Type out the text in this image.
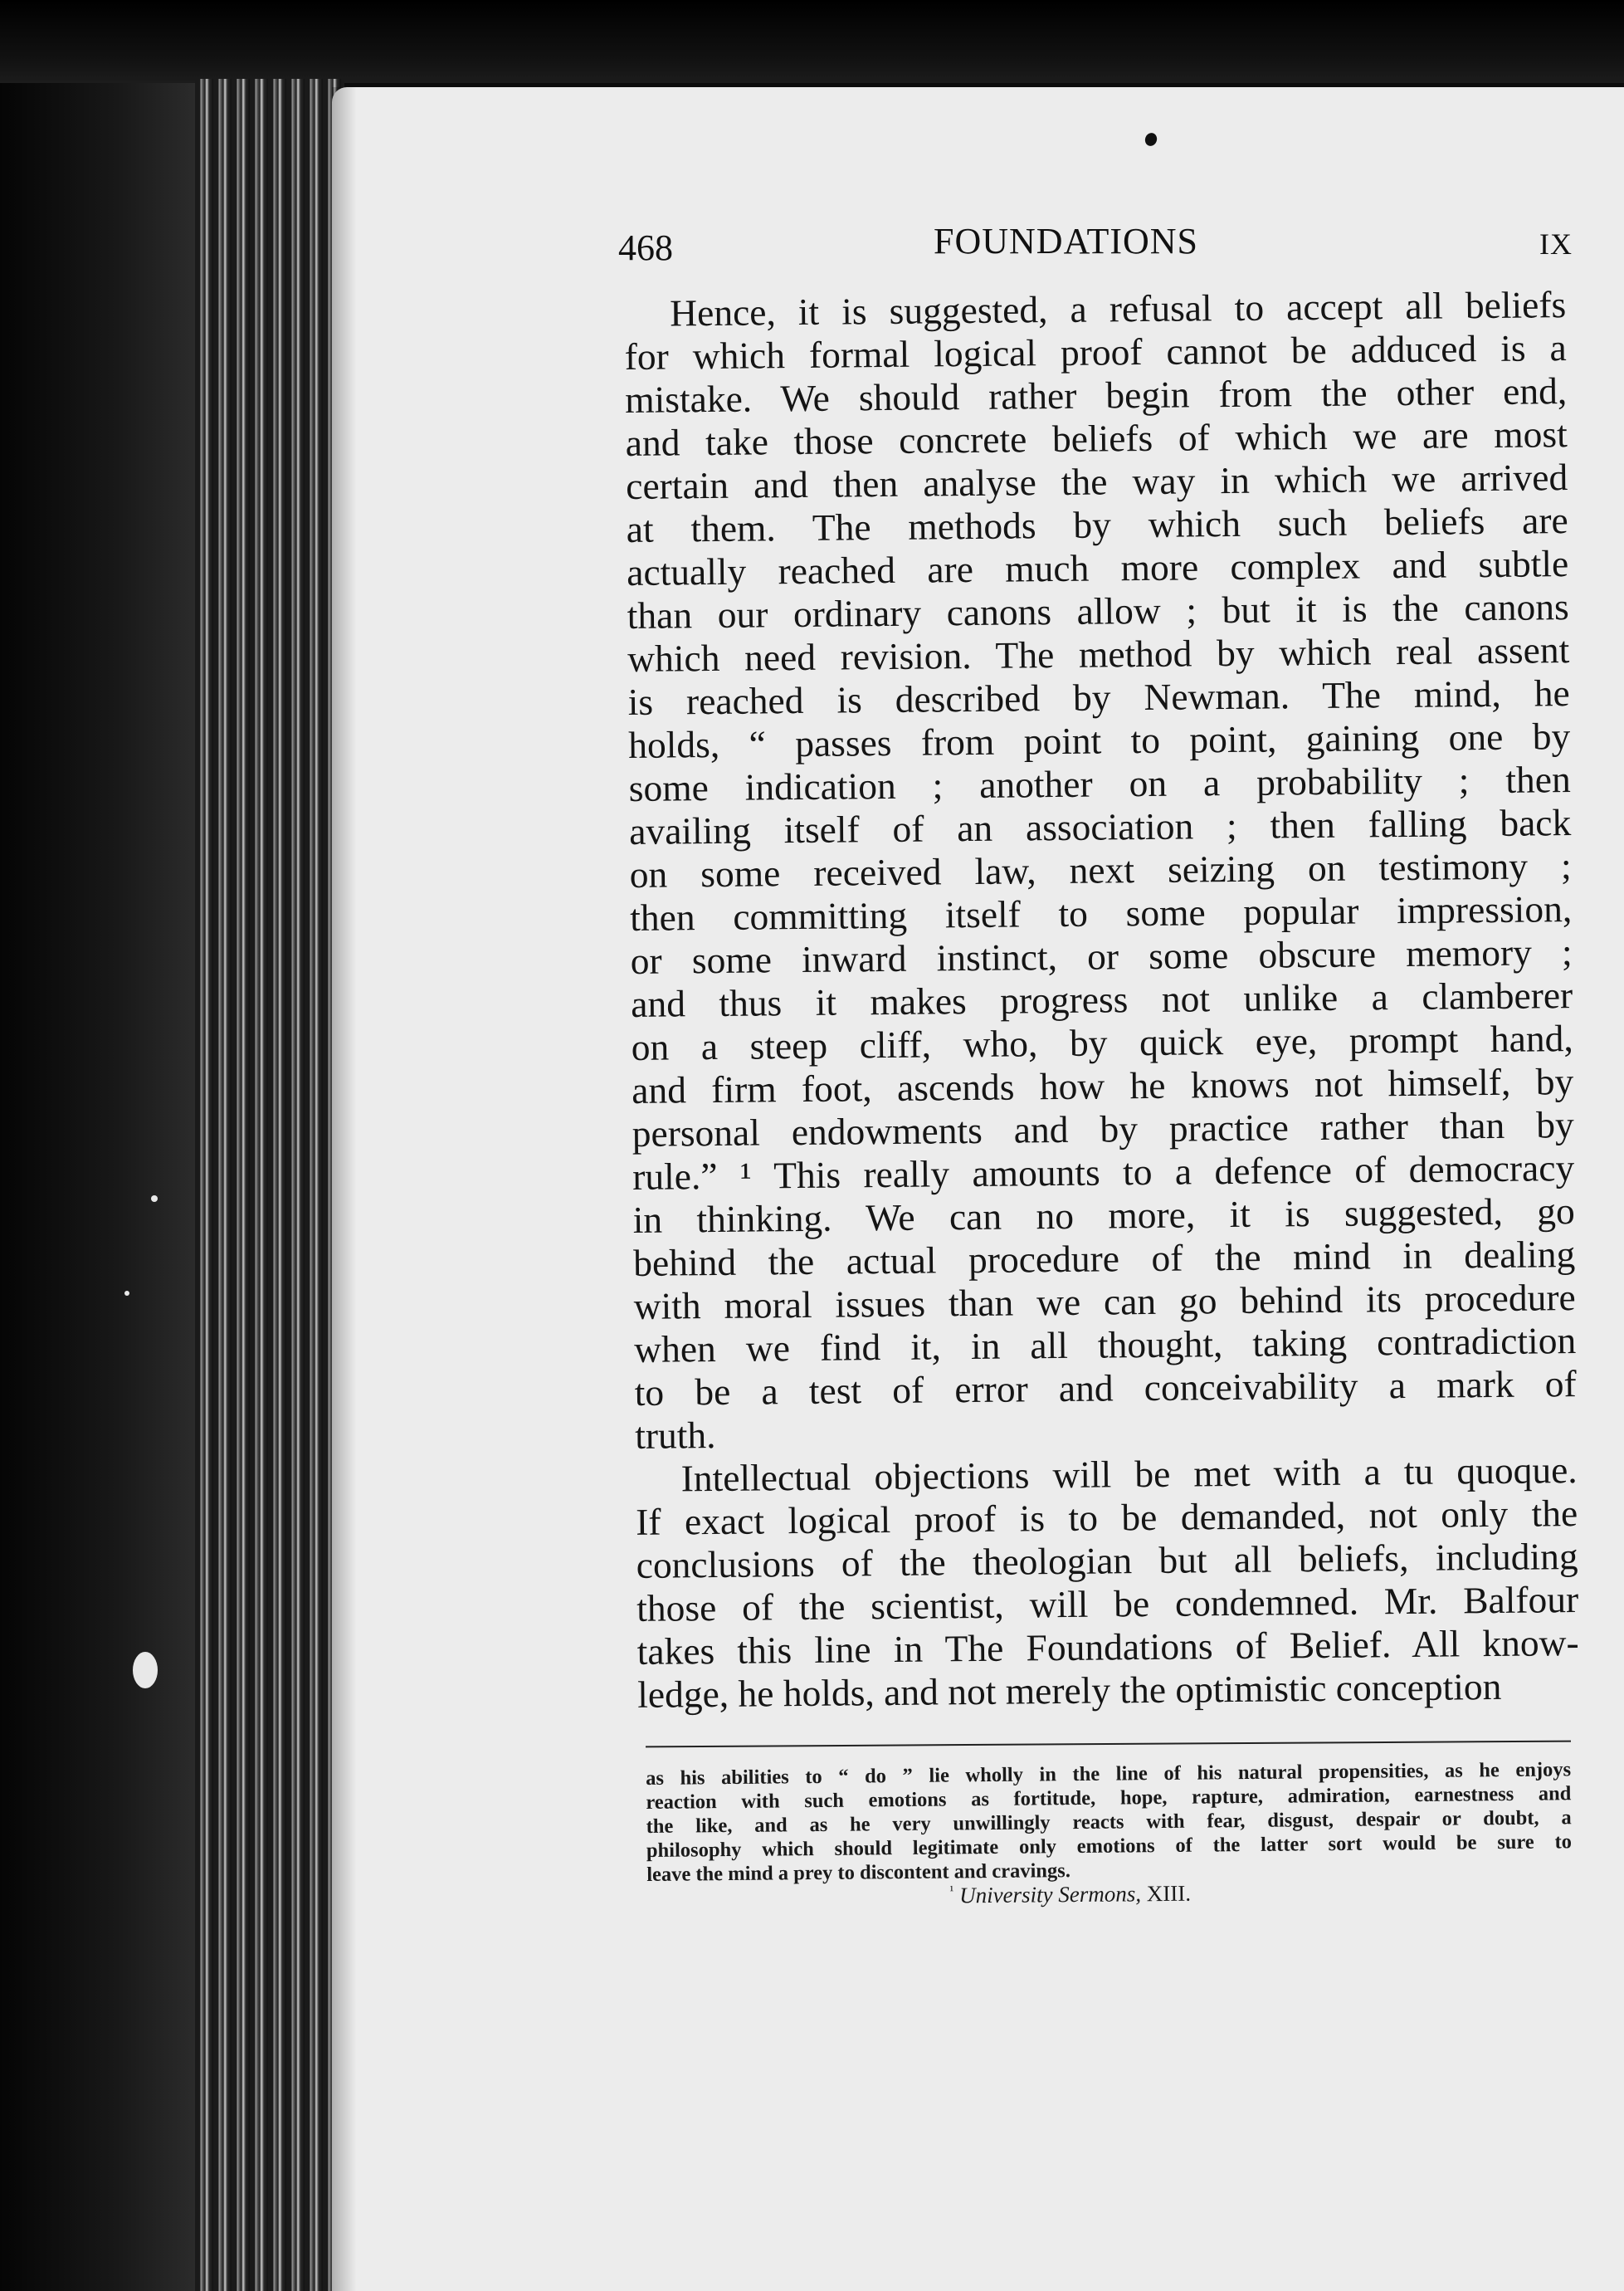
468	FOUNDATIONS	IX
Hence, it is suggested, a refusal to accept all beliefs
for which formal logical proof cannot be adduced is a
mistake. We should rather begin from the other end,
and take those concrete beliefs of which we are most
certain and then analyse the way in which we arrived
at them. The methods by which such beliefs are
actually reached are much more complex and subtle
than our ordinary canons allow ; but it is the canons
which need revision. The method by which real assent
is reached is described by Newman. The mind, he
holds, “ passes from point to point, gaining one by
some indication ; another on a probability ; then
availing itself of an association ; then falling back
on some received law, next seizing on testimony ;
then committing itself to some popular impression,
or some inward instinct, or some obscure memory ;
and thus it makes progress not unlike a clamberer
on a steep cliff, who, by quick eye, prompt hand,
and firm foot, ascends how he knows not himself, by
personal endowments and by practice rather than by
rule.” ¹ This really amounts to a defence of democracy
in thinking. We can no more, it is suggested, go
behind the actual procedure of the mind in dealing
with moral issues than we can go behind its procedure
when we find it, in all thought, taking contradiction
to be a test of error and conceivability a mark of
truth.
Intellectual objections will be met with a tu quoque.
If exact logical proof is to be demanded, not only the
conclusions of the theologian but all beliefs, including
those of the scientist, will be condemned. Mr. Balfour
takes this line in The Foundations of Belief. All know-
ledge, he holds, and not merely the optimistic conception
as his abilities to “ do ” lie wholly in the line of his natural propensities, as he enjoys
reaction with such emotions as fortitude, hope, rapture, admiration, earnestness and
the like, and as he very unwillingly reacts with fear, disgust, despair or doubt, a
philosophy which should legitimate only emotions of the latter sort would be sure to
leave the mind a prey to discontent and cravings.
$^{^1}$ University Sermons, XIII.
